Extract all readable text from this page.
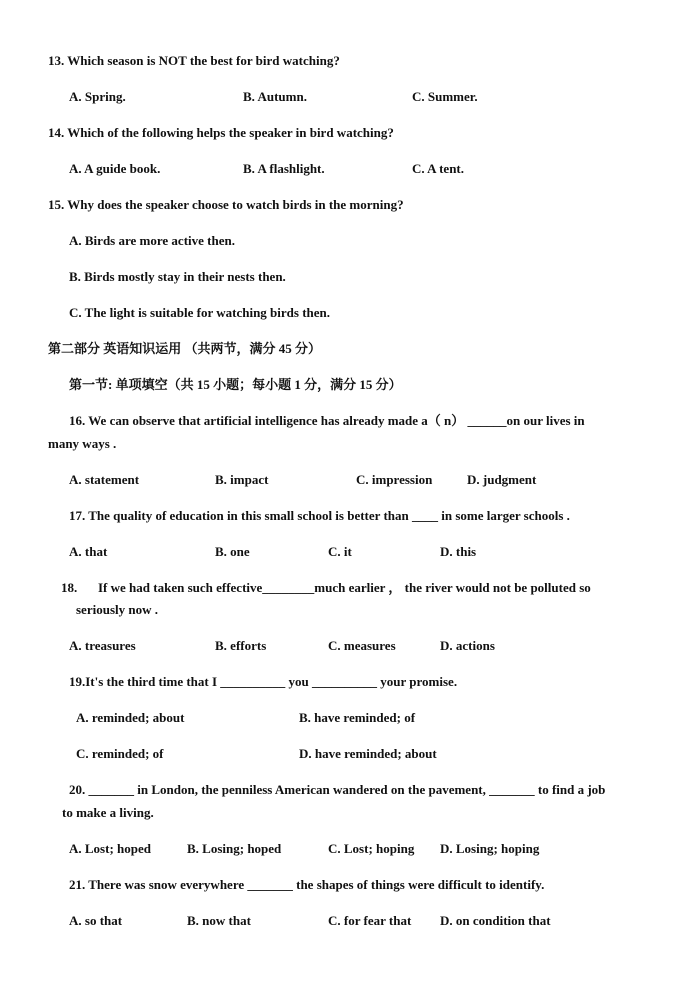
13. Which season is NOT the best for bird watching?
A. Spring.	B. Autumn.	C. Summer.
14. Which of the following helps the speaker in bird watching?
A. A guide book.	B. A flashlight.	C. A tent.
15. Why does the speaker choose to watch birds in the morning?
A. Birds are more active then.
B. Birds mostly stay in their nests then.
C. The light is suitable for watching birds then.
第二部分 英语知识运用 （共两节，满分 45 分）
第一节: 单项填空（共 15 小题；每小题 1 分，满分 15 分）
16. We can observe that artificial intelligence has already made a（ n） ______on our lives in
many ways .
A. statement	B. impact	C. impression	D. judgment
17. The quality of education in this small school is better than ____ in some larger schools .
A. that	B. one	C. it	D. this
18. If we had taken such effective________much earlier ， the river would not be polluted so
seriously now .
A. treasures	B. efforts	C. measures	D. actions
19.It's the third time that I __________ you __________ your promise.
A. reminded; about	B. have reminded; of
C. reminded; of	D. have reminded; about
20. _______ in London, the penniless American wandered on the pavement, _______ to find a job
to make a living.
A. Lost; hoped	B. Losing; hoped	C. Lost; hoping D. Losing; hoping
21. There was snow everywhere _______ the shapes of things were difficult to identify.
A. so that	B. now that	C. for fear that D. on condition that
